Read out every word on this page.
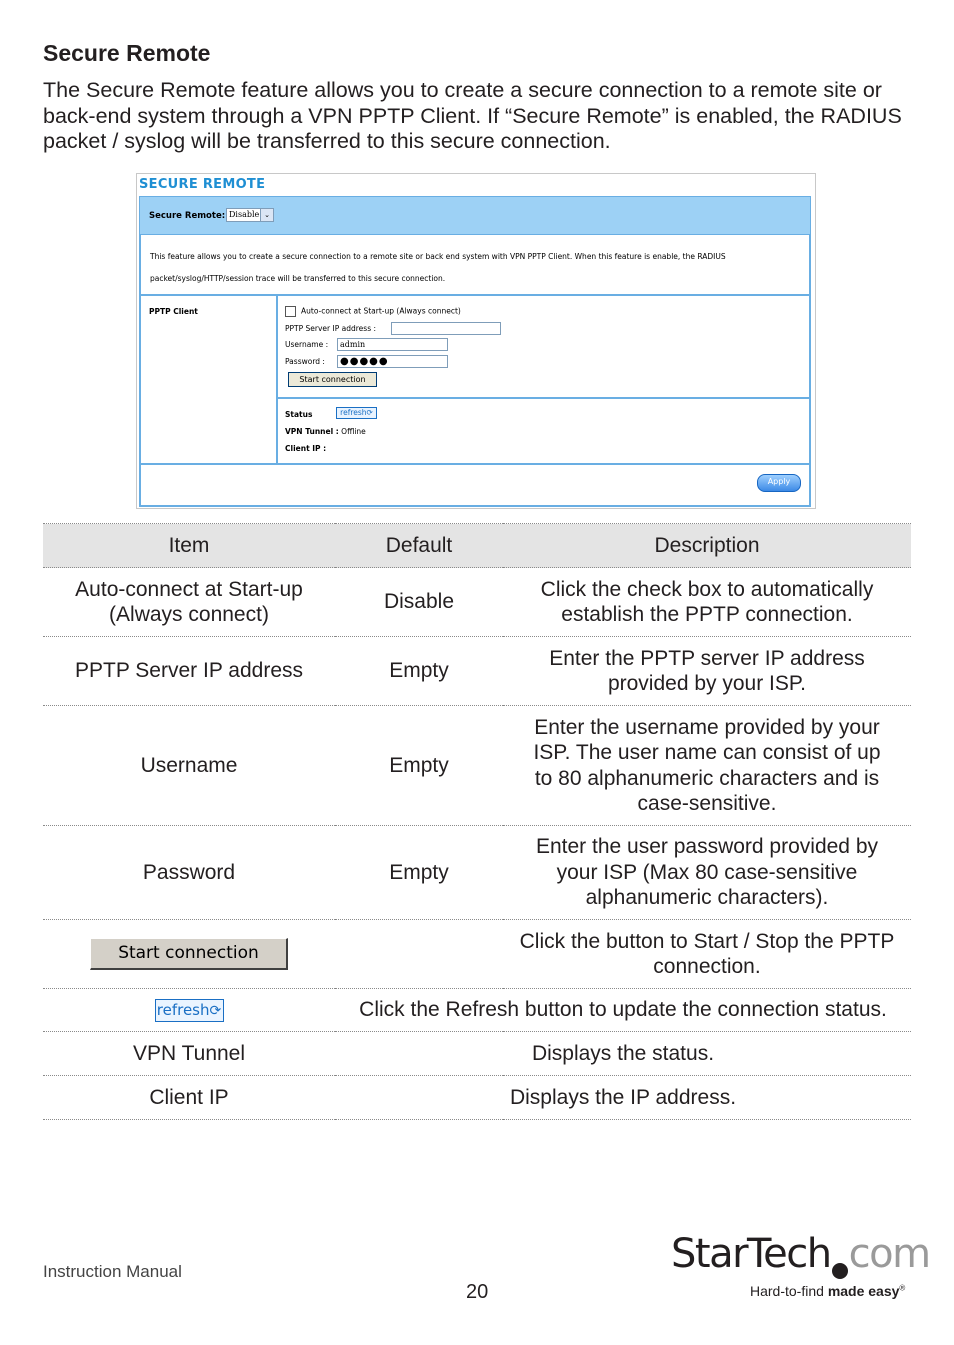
Secure Remote

The Secure Remote feature allows you to create a secure connection to a remote site or back-end system through a VPN PPTP Client. If “Secure Remote” is enabled, the RADIUS packet / syslog will be transferred to this secure connection.

SECURE REMOTE
Secure Remote: Disable ⌄
This feature allows you to create a secure connection to a remote site or back end system with VPN PPTP Client. When this feature is enable, the RADIUS packet/syslog/HTTP/session trace will be transferred to this secure connection.
PPTP Client	Auto-connect at Start-up (Always connect)
PPTP Server IP address :
Username :	admin
Password :	●●●●●
Start connection
Status	refresh⟳
VPN Tunnel : Offline
Client IP :
Apply
Item	Default	Description

Auto-connect at Start-up (Always connect)	Disable	Click the check box to automatically establish the PPTP connection.

PPTP Server IP address	Empty	Enter the PPTP server IP address provided by your ISP.

Username	Empty	Enter the username provided by your ISP. The user name can consist of up to 80 alphanumeric characters and is case-sensitive.

Password	Empty	Enter the user password provided by your ISP (Max 80 case-sensitive alphanumeric characters).

Start connection		Click the button to Start / Stop the PPTP connection.

refresh⟳	Click the Refresh button to update the connection status.	
VPN Tunnel	Displays the status.	
Client IP	Displays the IP address.	
Instruction Manual
20
StarTech com
Hard-to-find made easy®
